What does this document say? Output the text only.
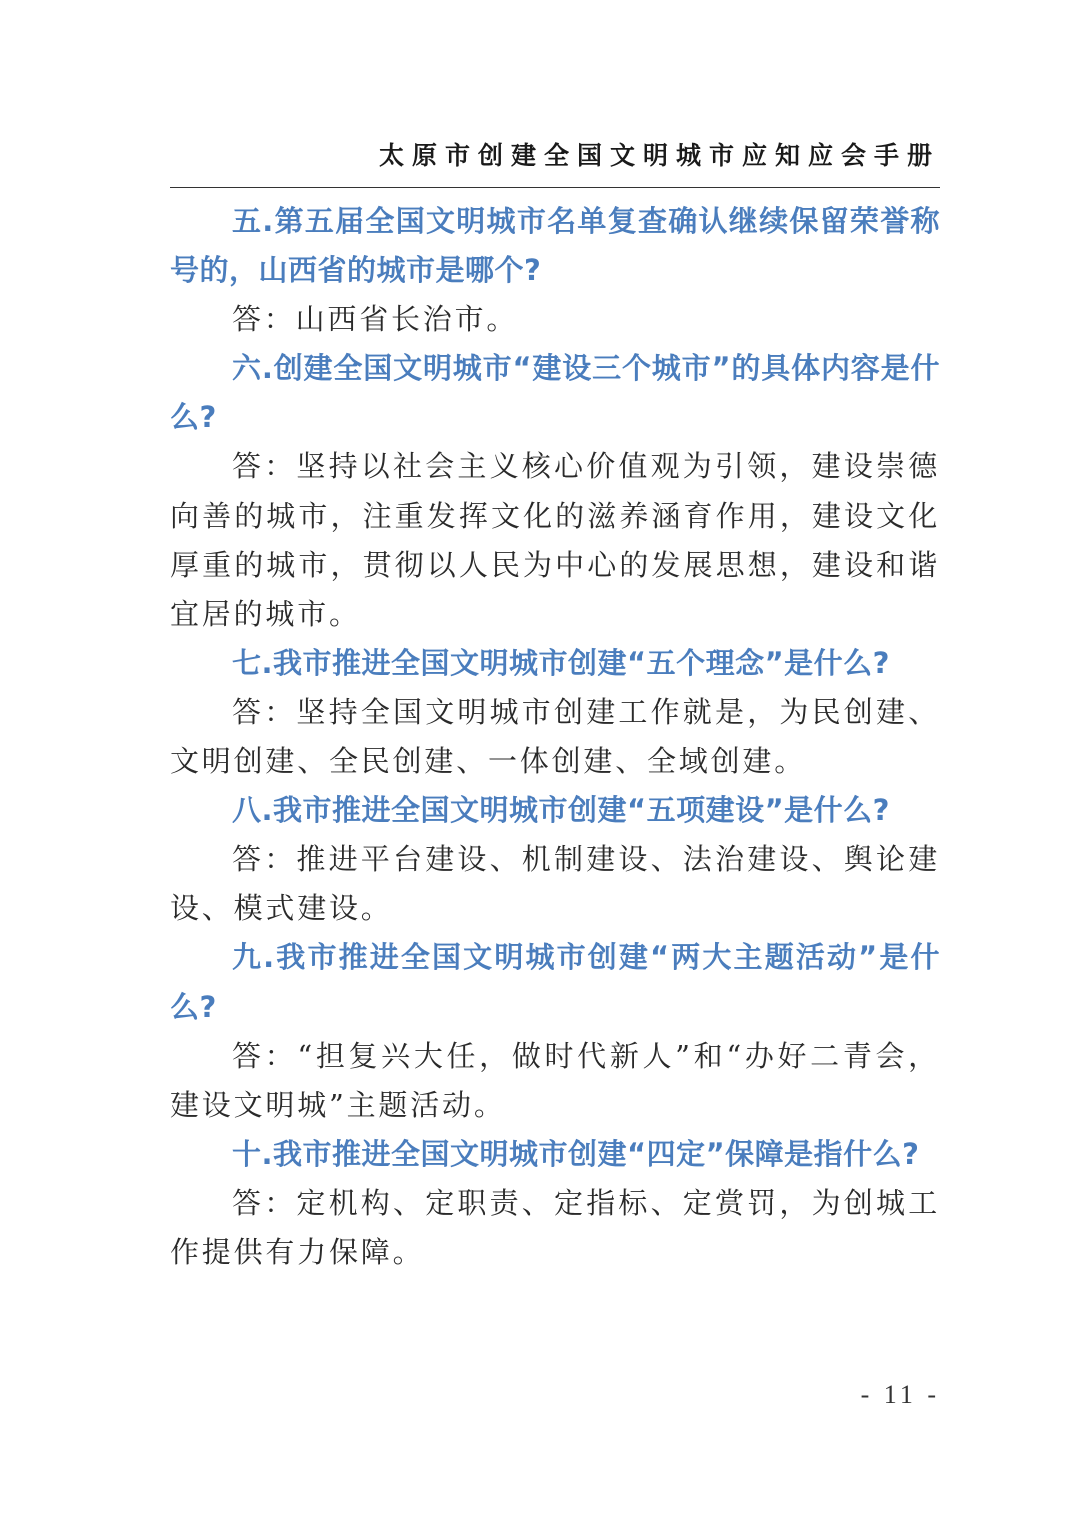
太原市创建全国文明城市应知应会手册

五.第五届全国文明城市名单复查确认继续保留荣誉称号的，山西省的城市是哪个?

答：山西省长治市。

六.创建全国文明城市“建设三个城市”的具体内容是什么?

答：坚持以社会主义核心价值观为引领，建设崇德向善的城市，注重发挥文化的滋养涵育作用，建设文化厚重的城市，贯彻以人民为中心的发展思想，建设和谐宜居的城市。

七.我市推进全国文明城市创建“五个理念”是什么?

答：坚持全国文明城市创建工作就是，为民创建、文明创建、全民创建、一体创建、全域创建。

八.我市推进全国文明城市创建“五项建设”是什么?

答：推进平台建设、机制建设、法治建设、舆论建设、模式建设。

九.我市推进全国文明城市创建“两大主题活动”是什么?

答：“担复兴大任，做时代新人”和“办好二青会，建设文明城”主题活动。

十.我市推进全国文明城市创建“四定”保障是指什么?

答：定机构、定职责、定指标、定赏罚，为创城工作提供有力保障。

- 11 -
